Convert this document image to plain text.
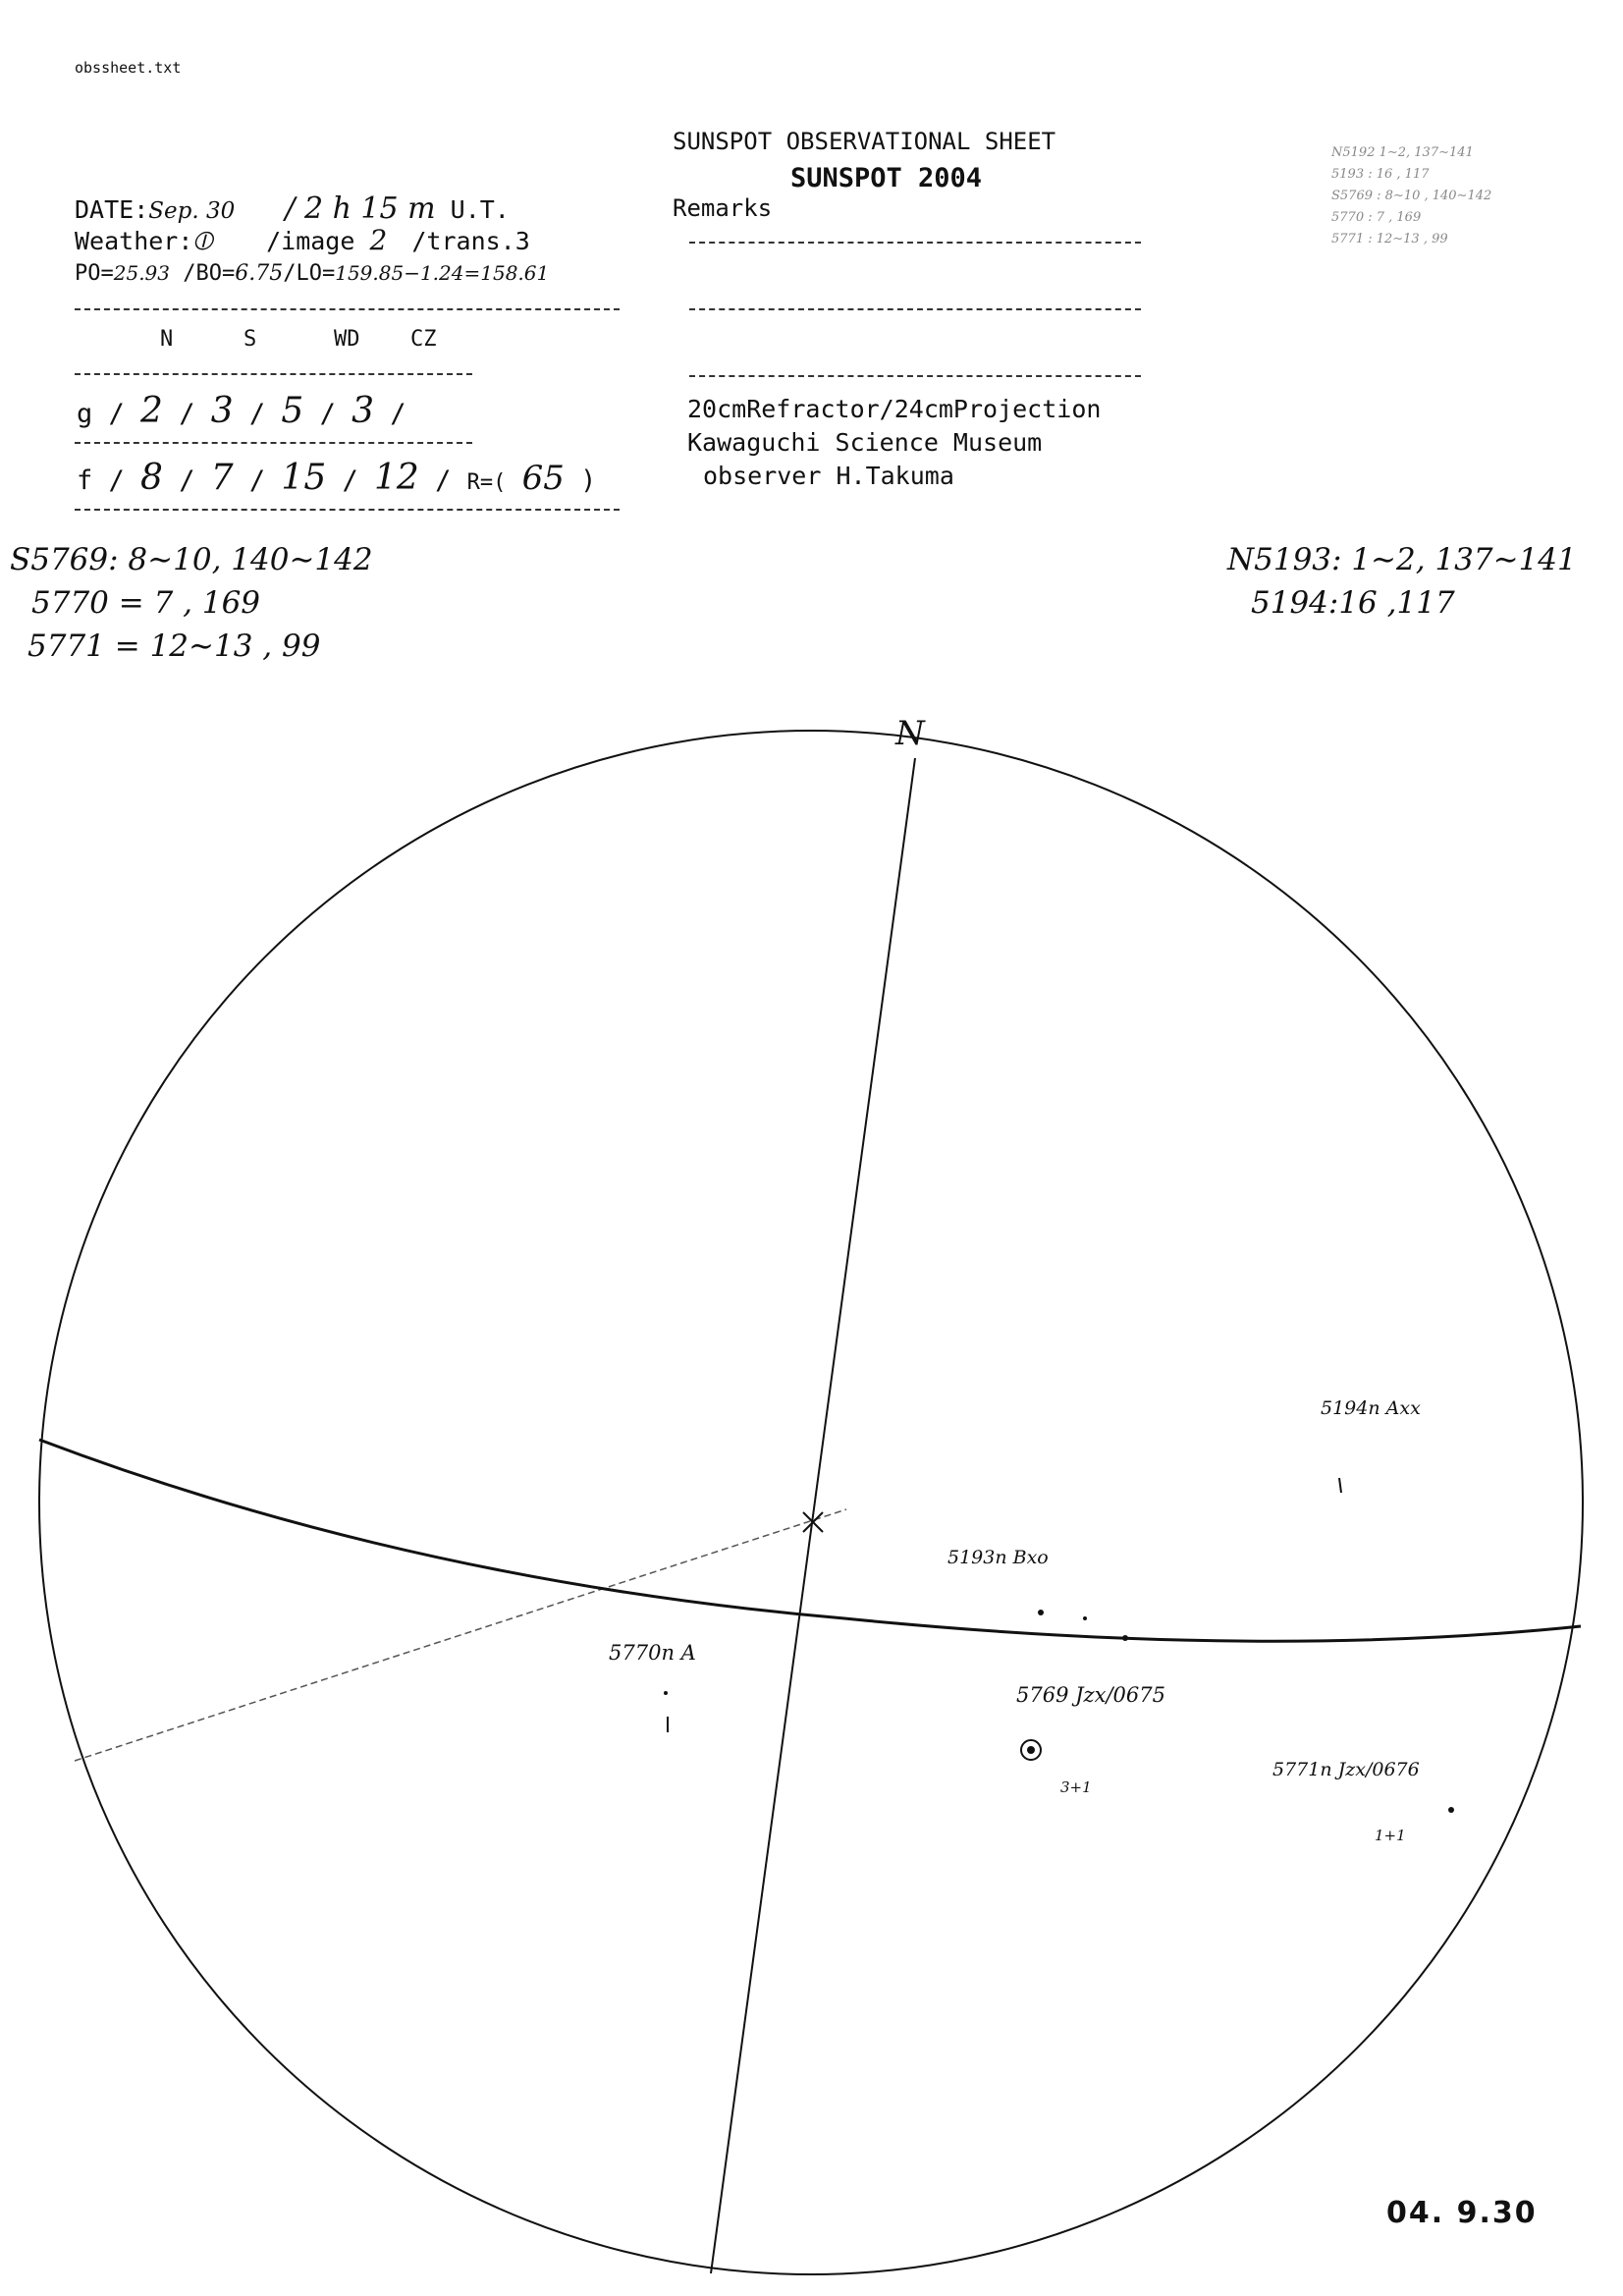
obssheet.txt
SUNSPOT OBSERVATIONAL SHEET
SUNSPOT 2004
DATE:Sep. 30 / 2 h 15 m U.T.
Weather:⦶ /image 2 /trans.3
PO=25.93 /BO=6.75/LO=159.85−1.24=158.61
N	S	WD CZ
g / 2 / 3 / 5 / 3 /
f / 8 / 7 / 15 / 12 / R=( 65 )
Remarks
20cmRefractor/24cmProjection
Kawaguchi Science Museum
observer H.Takuma
N5192 1∼2, 137∼141
5193 : 16 , 117
S5769 : 8∼10 , 140∼142
5770 : 7 , 169
5771 : 12∼13 , 99
S5769: 8∼10, 140∼142
5770 = 7 , 169
5771 = 12∼13 , 99
N5193: 1∼2, 137∼141
5194:16 ,117
N
5194n Axx
5193n Bxo
5770n A
5769 Jzx/0675
3+1
5771n Jzx/0676
1+1
04. 9.30
